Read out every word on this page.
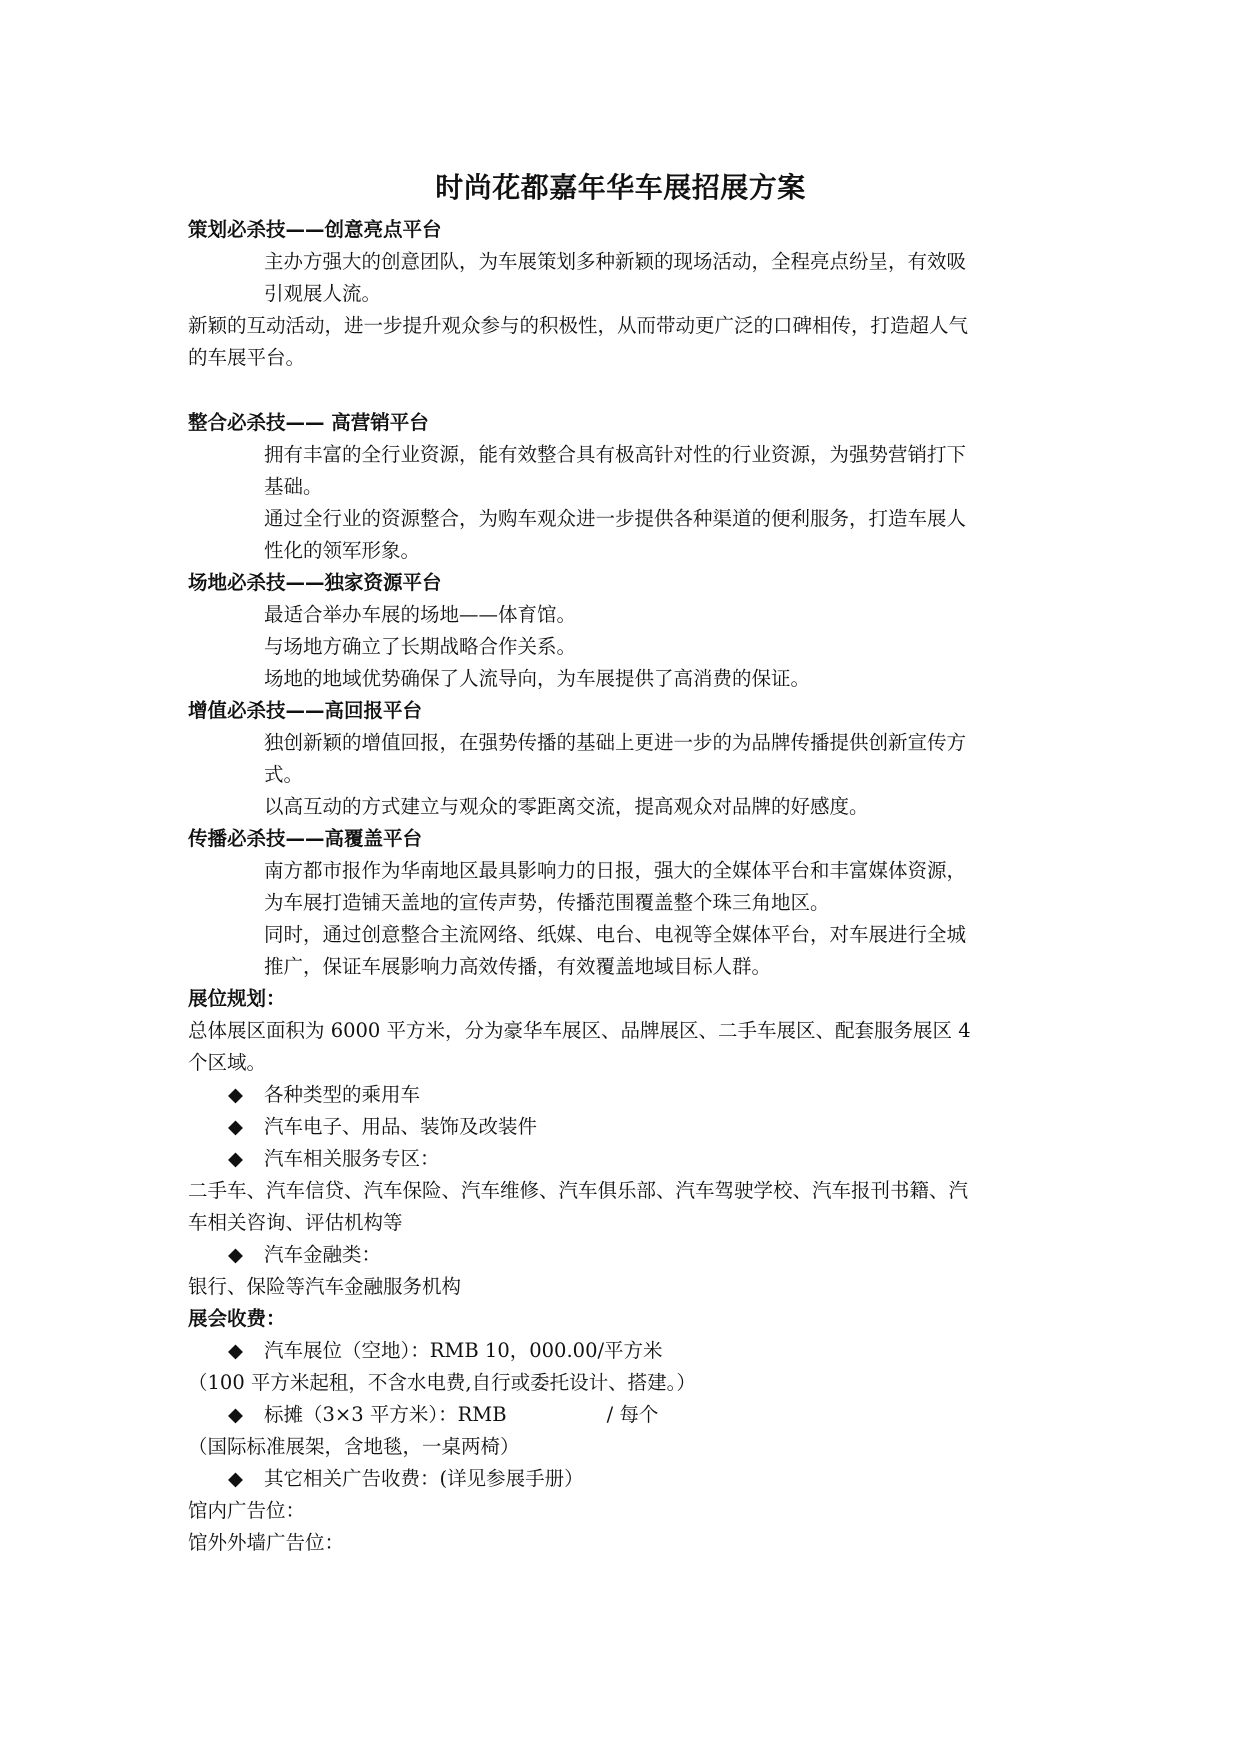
时尚花都嘉年华车展招展方案
策划必杀技——创意亮点平台
主办方强大的创意团队，为车展策划多种新颖的现场活动，全程亮点纷呈，有效吸
引观展人流。
新颖的互动活动，进一步提升观众参与的积极性，从而带动更广泛的口碑相传，打造超人气
的车展平台。
整合必杀技—— 高营销平台
拥有丰富的全行业资源，能有效整合具有极高针对性的行业资源，为强势营销打下
基础。
通过全行业的资源整合，为购车观众进一步提供各种渠道的便利服务，打造车展人
性化的领军形象。
场地必杀技——独家资源平台
最适合举办车展的场地——体育馆。
与场地方确立了长期战略合作关系。
场地的地域优势确保了人流导向，为车展提供了高消费的保证。
增值必杀技——高回报平台
独创新颖的增值回报，在强势传播的基础上更进一步的为品牌传播提供创新宣传方
式。
以高互动的方式建立与观众的零距离交流，提高观众对品牌的好感度。
传播必杀技——高覆盖平台
南方都市报作为华南地区最具影响力的日报，强大的全媒体平台和丰富媒体资源，
为车展打造铺天盖地的宣传声势，传播范围覆盖整个珠三角地区。
同时，通过创意整合主流网络、纸媒、电台、电视等全媒体平台，对车展进行全城
推广，保证车展影响力高效传播，有效覆盖地域目标人群。
展位规划：
总体展区面积为 6000 平方米，分为豪华车展区、品牌展区、二手车展区、配套服务展区 4
个区域。
◆ 各种类型的乘用车
◆ 汽车电子、用品、装饰及改装件
◆ 汽车相关服务专区：
二手车、汽车信贷、汽车保险、汽车维修、汽车俱乐部、汽车驾驶学校、汽车报刊书籍、汽
车相关咨询、评估机构等
◆ 汽车金融类：
银行、保险等汽车金融服务机构
展会收费：
◆ 汽车展位（空地）：RMB 10，000.00/平方米
（100 平方米起租，不含水电费,自行或委托设计、搭建。）
◆ 标摊（3×3 平方米）：RMB	/ 每个
（国际标准展架，含地毯，一桌两椅）
◆ 其它相关广告收费：(详见参展手册）
馆内广告位：
馆外外墙广告位：
